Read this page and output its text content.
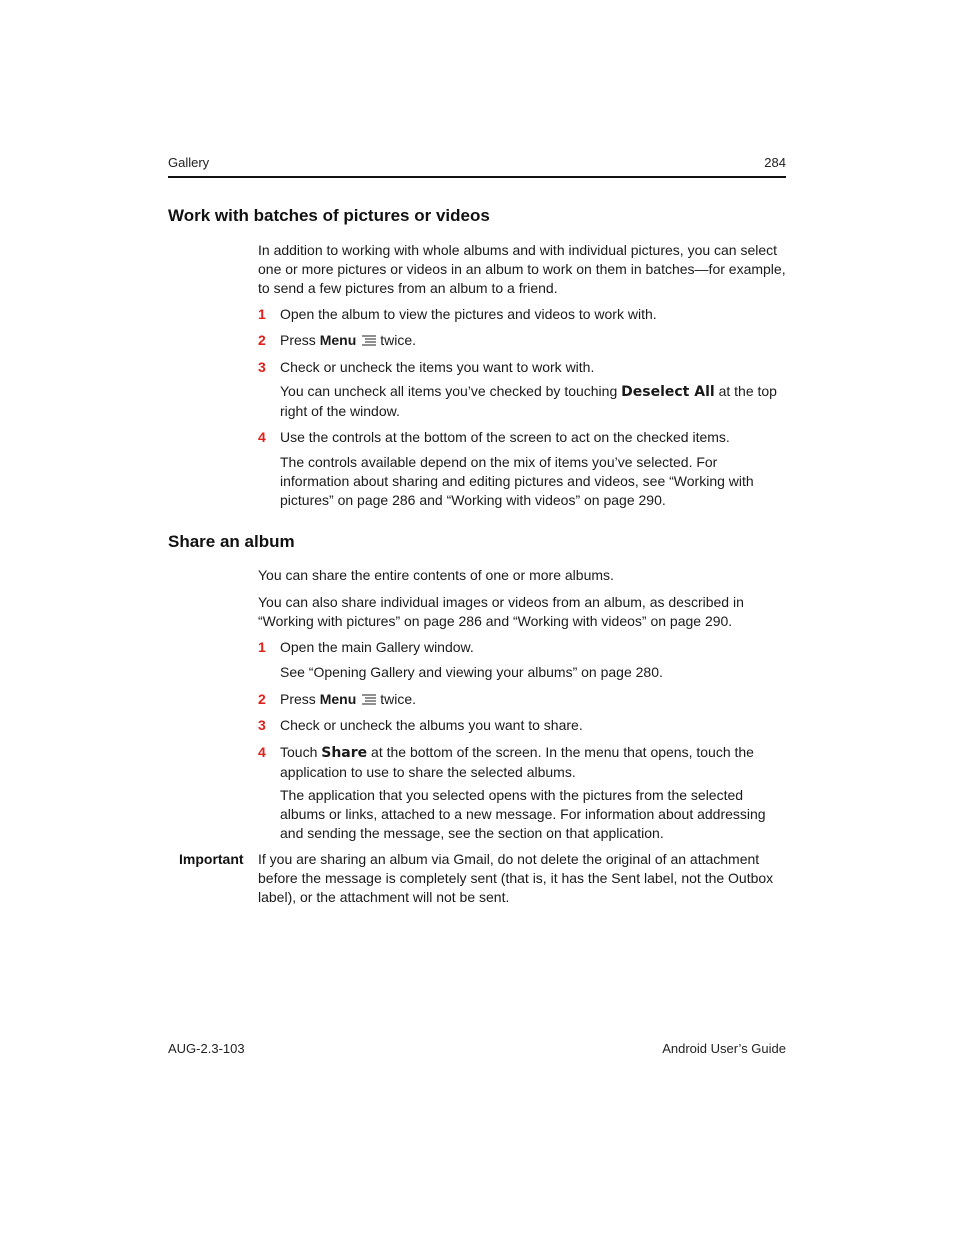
Gallery	284
Work with batches of pictures or videos
In addition to working with whole albums and with individual pictures, you can select one or more pictures or videos in an album to work on them in batches—for example, to send a few pictures from an album to a friend.
1 Open the album to view the pictures and videos to work with.
2 Press Menu twice.
3 Check or uncheck the items you want to work with.
You can uncheck all items you’ve checked by touching Deselect All at the top right of the window.
4 Use the controls at the bottom of the screen to act on the checked items.
The controls available depend on the mix of items you’ve selected. For information about sharing and editing pictures and videos, see “Working with pictures” on page 286 and “Working with videos” on page 290.
Share an album
You can share the entire contents of one or more albums.
You can also share individual images or videos from an album, as described in “Working with pictures” on page 286 and “Working with videos” on page 290.
1 Open the main Gallery window.
See “Opening Gallery and viewing your albums” on page 280.
2 Press Menu twice.
3 Check or uncheck the albums you want to share.
4 Touch Share at the bottom of the screen. In the menu that opens, touch the application to use to share the selected albums.
The application that you selected opens with the pictures from the selected albums or links, attached to a new message. For information about addressing and sending the message, see the section on that application.
Important If you are sharing an album via Gmail, do not delete the original of an attachment before the message is completely sent (that is, it has the Sent label, not the Outbox label), or the attachment will not be sent.
AUG-2.3-103	Android User’s Guide
